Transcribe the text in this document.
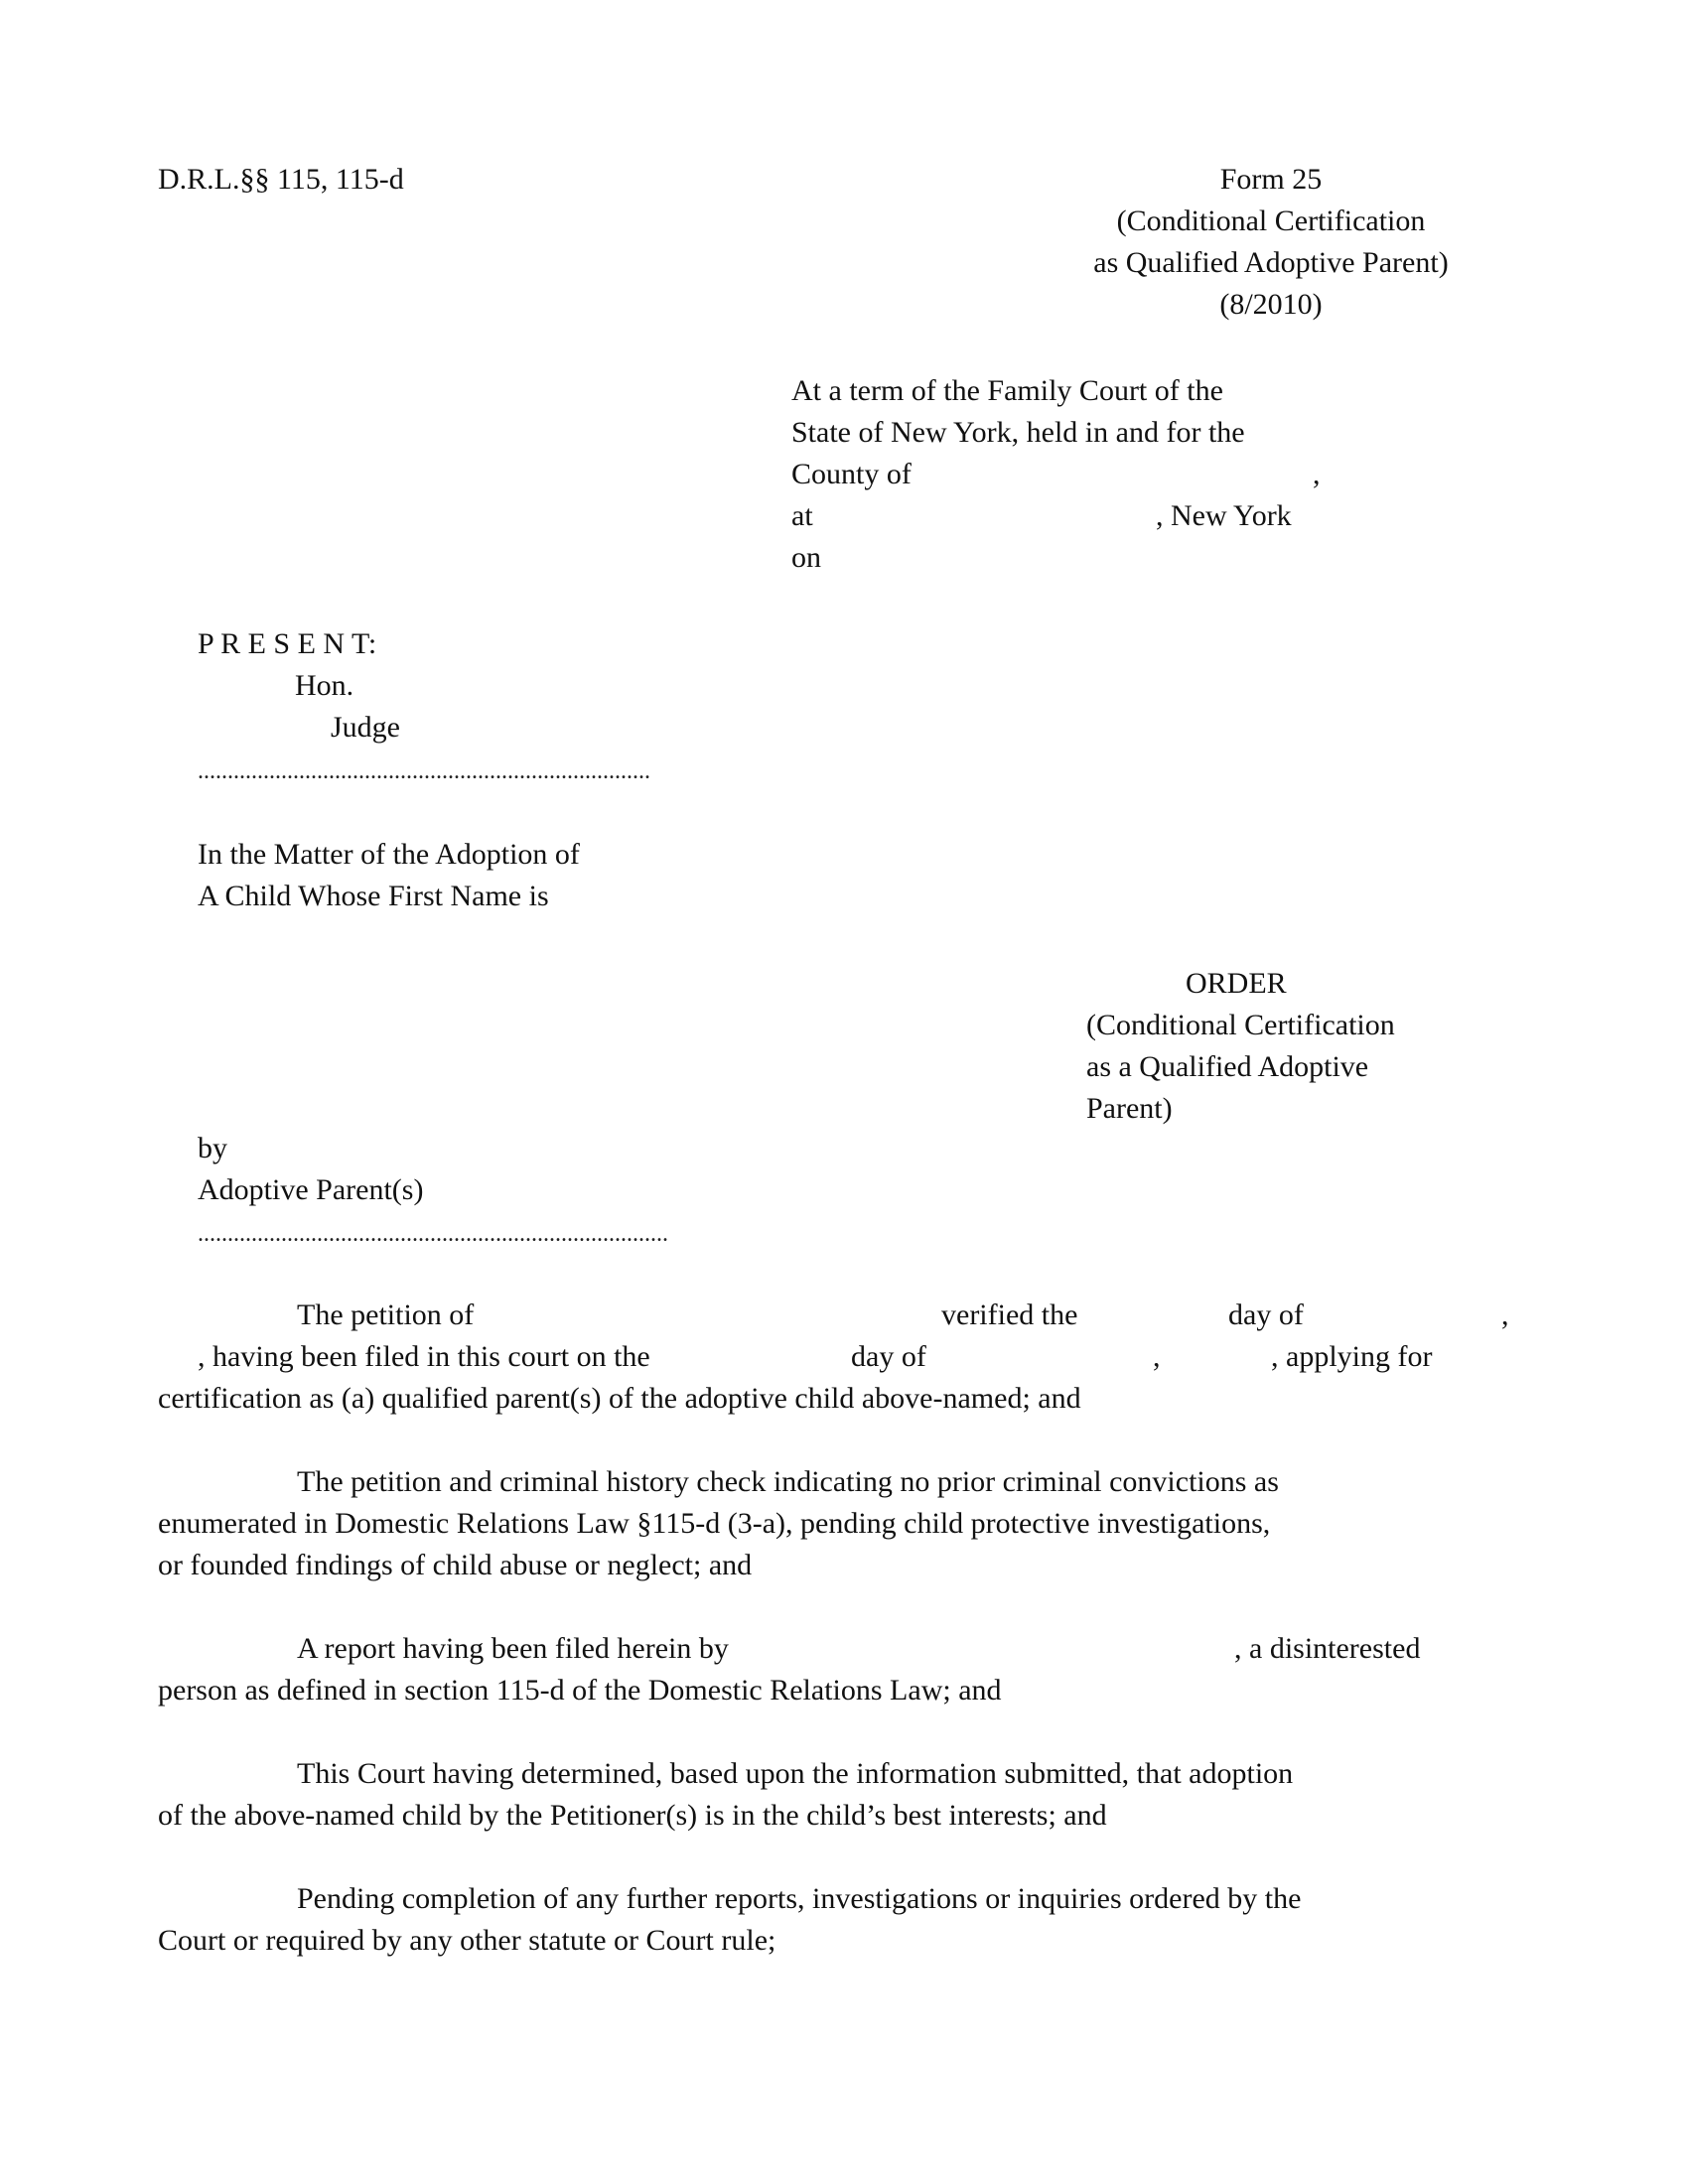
D.R.L.§§ 115, 115-d	Form 25
(Conditional Certification
as Qualified Adoptive Parent)
(8/2010)
At a term of the Family Court of the
State of New York, held in and for the
County of	,
at	, New York
on
P R E S E N T:
Hon.
Judge
............................................................................
In the Matter of the Adoption of
A Child Whose First Name is
ORDER
(Conditional Certification
as a Qualified Adoptive
Parent)
by
Adoptive Parent(s)
...............................................................................
The petition of	verified the	day of	,
, having been filed in this court on the	day of	,	, applying for
certification as (a) qualified parent(s) of the adoptive child above-named; and
The petition and criminal history check indicating no prior criminal convictions as
enumerated in Domestic Relations Law §115-d (3-a), pending child protective investigations,
or founded findings of child abuse or neglect; and
A report having been filed herein by	, a disinterested
person as defined in section 115-d of the Domestic Relations Law; and
This Court having determined, based upon the information submitted, that adoption
of the above-named child by the Petitioner(s) is in the child’s best interests; and
Pending completion of any further reports, investigations or inquiries ordered by the
Court or required by any other statute or Court rule;
